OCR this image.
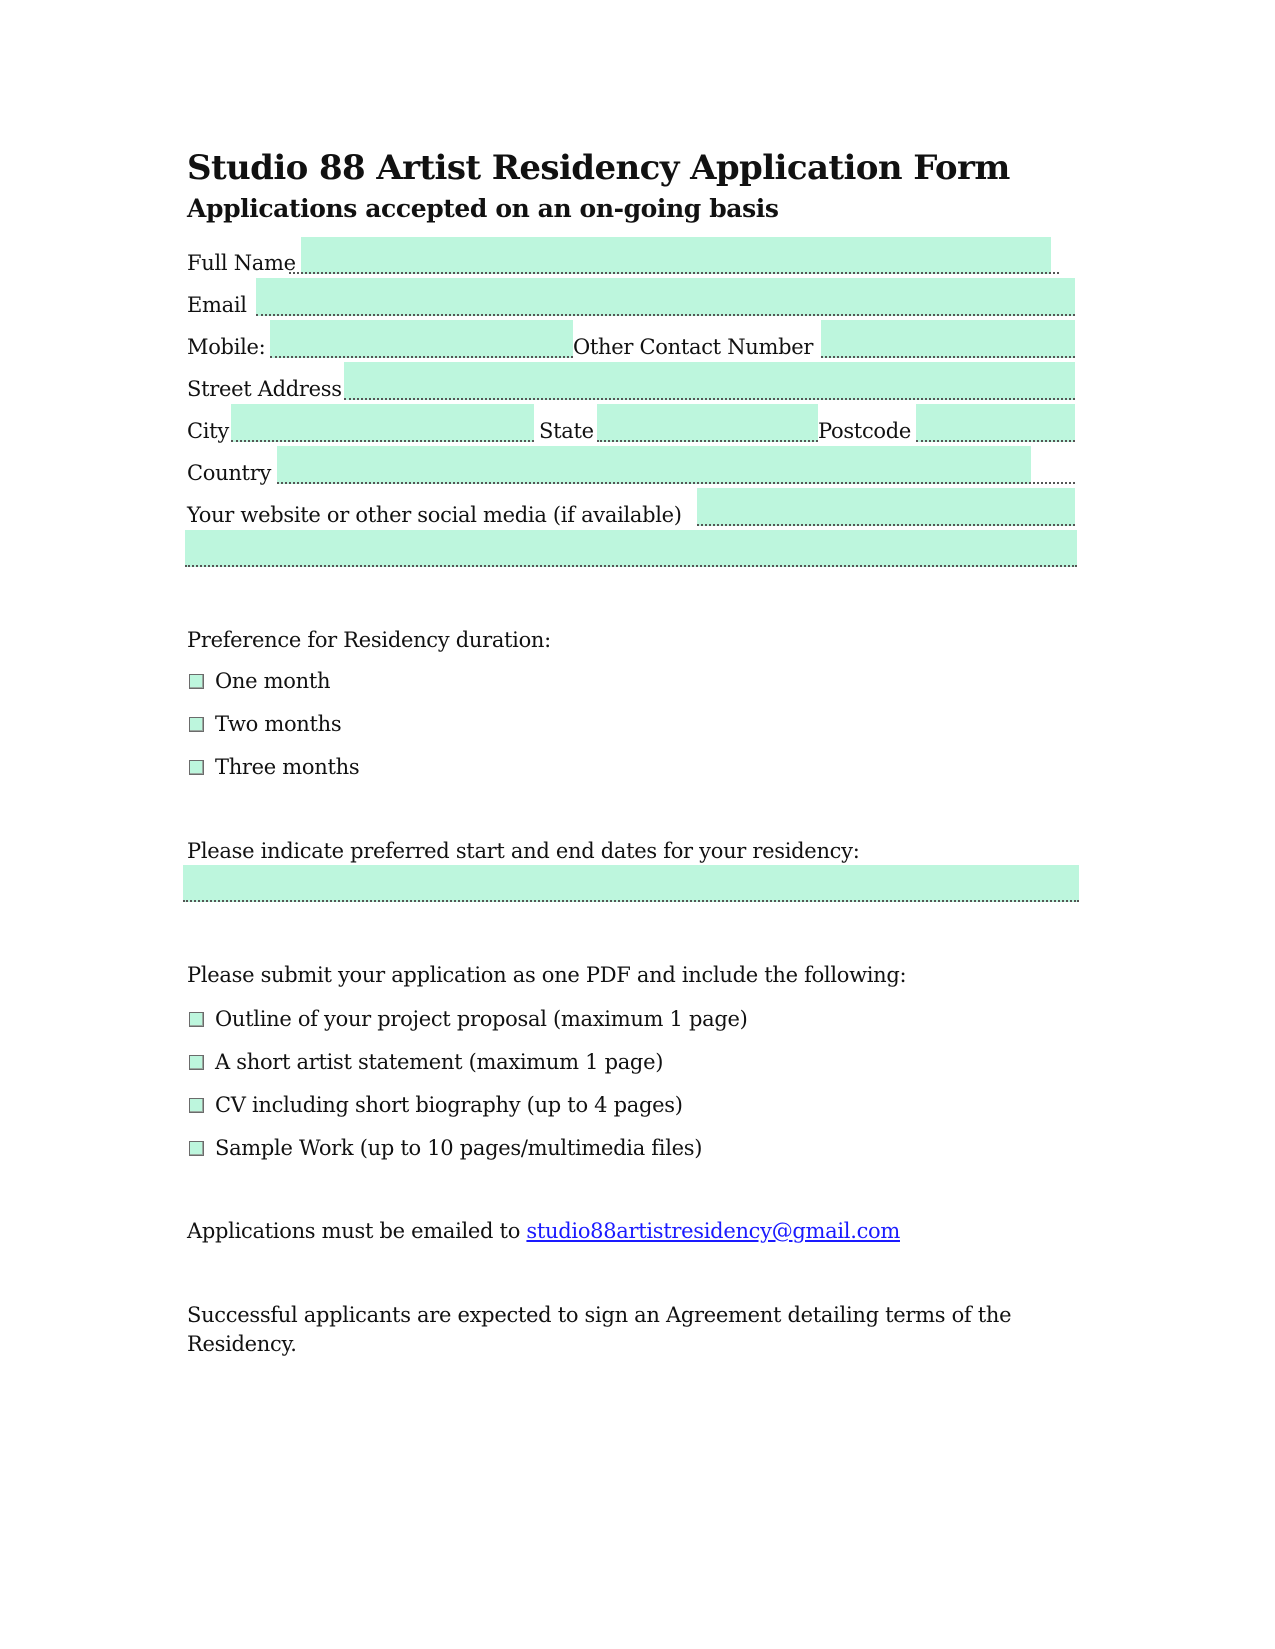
Studio 88 Artist Residency Application Form
Applications accepted on an on-going basis
Full Name
Email
Mobile:	Other Contact Number
Street Address
City	State	Postcode
Country
Your website or other social media (if available)
Preference for Residency duration:
One month
Two months
Three months
Please indicate preferred start and end dates for your residency:
Please submit your application as one PDF and include the following:
Outline of your project proposal (maximum 1 page)
A short artist statement (maximum 1 page)
CV including short biography (up to 4 pages)
Sample Work (up to 10 pages/multimedia files)
Applications must be emailed to studio88artistresidency@gmail.com
Successful applicants are expected to sign an Agreement detailing terms of the
Residency.
